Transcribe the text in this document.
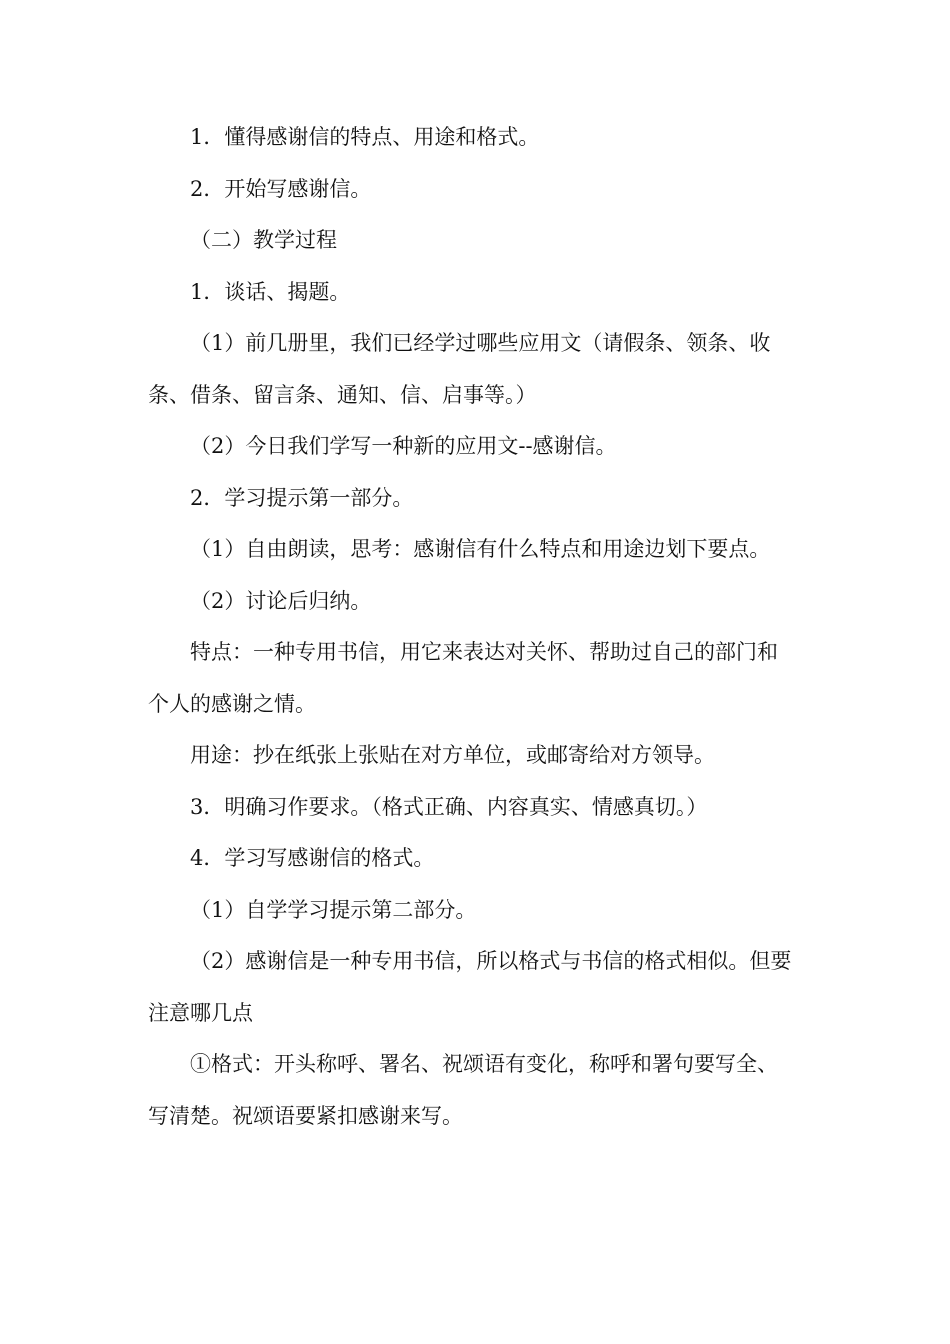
1．懂得感谢信的特点、用途和格式。

2．开始写感谢信。

（二）教学过程

1．谈话、揭题。

（1）前几册里，我们已经学过哪些应用文（请假条、领条、收条、借条、留言条、通知、信、启事等。）

（2）今日我们学写一种新的应用文--感谢信。

2．学习提示第一部分。

（1）自由朗读，思考：感谢信有什么特点和用途边划下要点。

（2）讨论后归纳。

特点：一种专用书信，用它来表达对关怀、帮助过自己的部门和个人的感谢之情。

用途：抄在纸张上张贴在对方单位，或邮寄给对方领导。

3．明确习作要求。（格式正确、内容真实、情感真切。）

4．学习写感谢信的格式。

（1）自学学习提示第二部分。

（2）感谢信是一种专用书信，所以格式与书信的格式相似。但要注意哪几点

①格式：开头称呼、署名、祝颂语有变化，称呼和署句要写全、写清楚。祝颂语要紧扣感谢来写。
